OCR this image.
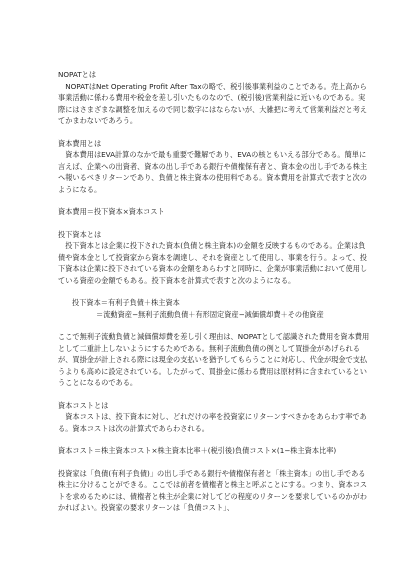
NOPATとは

NOPATはNet Operating Profit After Taxの略で、税引後事業利益のことである。売上高から事業活動に係わる費用や税金を差し引いたものなので、(税引後)営業利益に近いものである。実際にはさまざまな調整を加えるので同じ数字にはならないが、大雑把に考えて営業利益だと考えてかまわないであろう。

資本費用とは

資本費用はEVA計算のなかで最も重要で難解であり、EVAの核ともいえる部分である。簡単に言えば、企業への出資者、資本の出し手である銀行や債権保有者と、資本金の出し手である株主へ報いるべきリターンであり、負債と株主資本の使用料である。資本費用を計算式で表すと次のようになる。

資本費用＝投下資本×資本コスト

投下資本とは

投下資本とは企業に投下された資本(負債と株主資本)の金額を反映するものである。企業は負債や資本金として投資家から資本を調達し、それを資産として使用し、事業を行う。よって、投下資本は企業に投下されている資本の金額をあらわすと同時に、企業が事業活動において使用している資産の金額でもある。投下資本を計算式で表すと次のようになる。

投下資本＝有利子負債＋株主資本

＝流動資産−無利子流動負債＋有形固定資産−減価償却費＋その他資産

ここで無利子流動負債と減価償却費を差し引く理由は、NOPATとして認識された費用を資本費用として二重計上しないようにするためである。無利子流動負債の例として買掛金があげられるが、買掛金が計上される際には現金の支払いを猶予してもらうことに対応し、代金が現金で支払うよりも高めに設定されている。したがって、買掛金に係わる費用は原材料に含まれているということになるのである。

資本コストとは

資本コストは、投下資本に対し、どれだけの率を投資家にリターンすべきかをあらわす率である。資本コストは次の計算式であらわされる。

資本コスト＝株主資本コスト×株主資本比率＋(税引後)負債コスト×(1−株主資本比率)

投資家は「負債(有利子負債)」の出し手である銀行や債権保有者と「株主資本」の出し手である株主に分けることができる。ここでは前者を債権者と株主と呼ぶことにする。つまり、資本コストを求めるためには、債権者と株主が企業に対してどの程度のリターンを要求しているのかがわかればよい。投資家の要求リターンは「負債コスト」、
